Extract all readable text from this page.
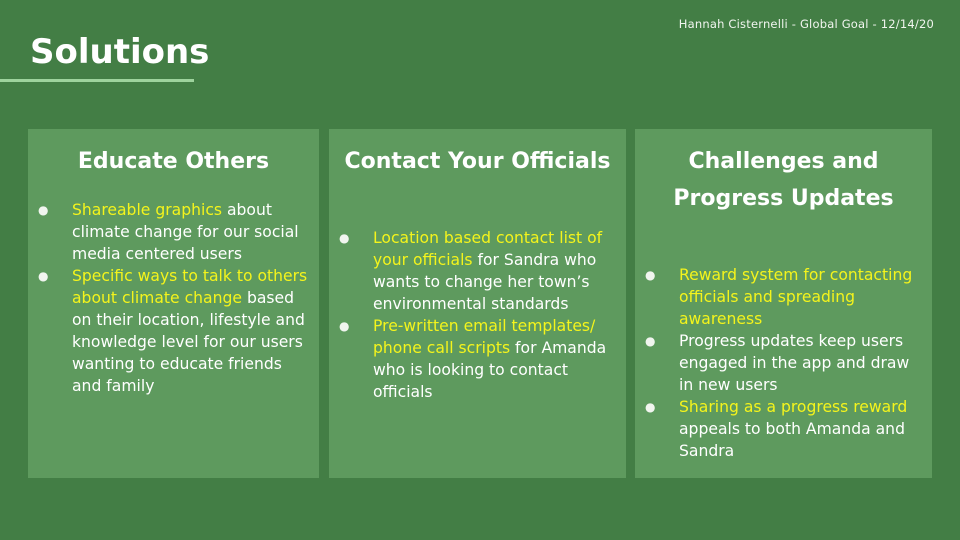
Hannah Cisternelli - Global Goal - 12/14/20
Solutions
Educate Others
● Shareable graphics about climate change for our social media centered users
● Specific ways to talk to others about climate change based on their location, lifestyle and knowledge level for our users wanting to educate friends and family
Contact Your Officials
● Location based contact list of your officials for Sandra who wants to change her town’s environmental standards
● Pre-written email templates/ phone call scripts for Amanda who is looking to contact officials
Challenges and Progress Updates
● Reward system for contacting officials and spreading awareness
● Progress updates keep users engaged in the app and draw in new users
● Sharing as a progress reward appeals to both Amanda and Sandra
